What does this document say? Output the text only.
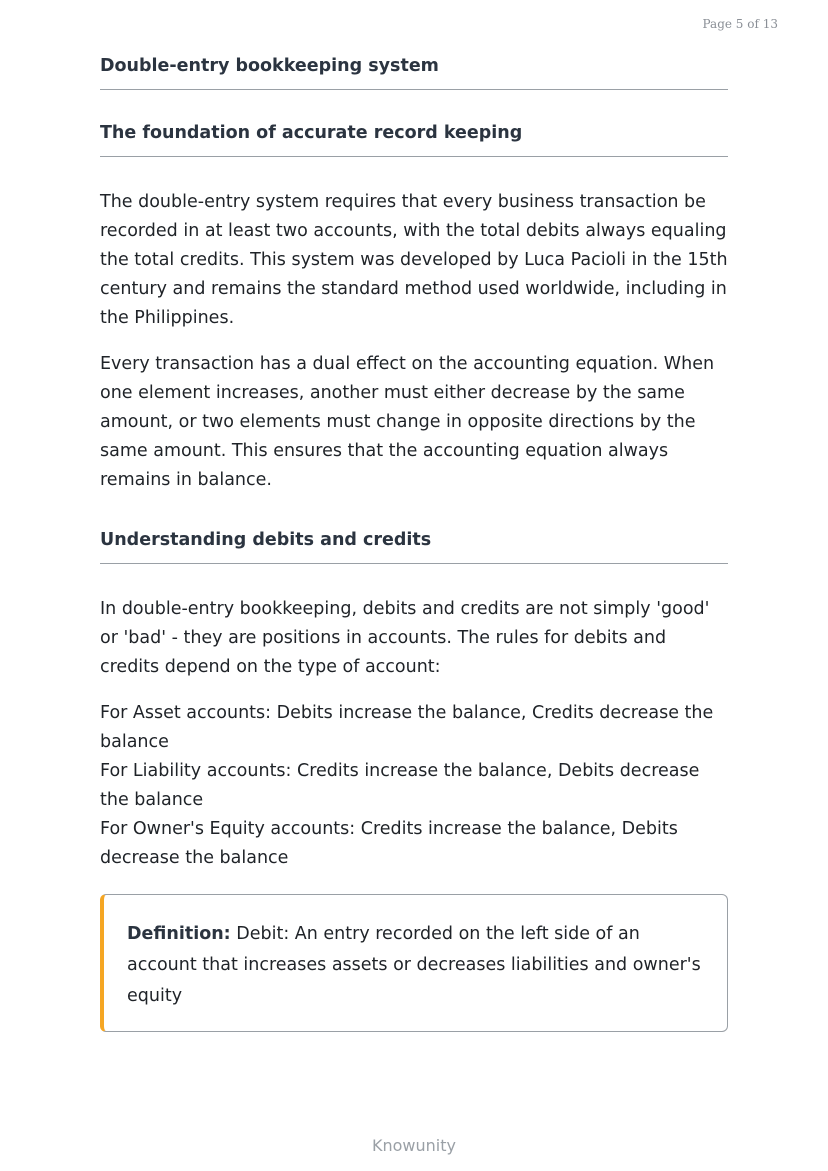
Page 5 of 13
Double-entry bookkeeping system
The foundation of accurate record keeping

The double-entry system requires that every business transaction be recorded in at least two accounts, with the total debits always equaling the total credits. This system was developed by Luca Pacioli in the 15th century and remains the standard method used worldwide, including in the Philippines.

Every transaction has a dual effect on the accounting equation. When one element increases, another must either decrease by the same amount, or two elements must change in opposite directions by the same amount. This ensures that the accounting equation always remains in balance.

Understanding debits and credits

In double-entry bookkeeping, debits and credits are not simply 'good' or 'bad' - they are positions in accounts. The rules for debits and credits depend on the type of account:

For Asset accounts: Debits increase the balance, Credits decrease the balance
For Liability accounts: Credits increase the balance, Debits decrease the balance
For Owner's Equity accounts: Credits increase the balance, Debits decrease the balance

Definition: Debit: An entry recorded on the left side of an account that increases assets or decreases liabilities and owner's equity

Knowunity
